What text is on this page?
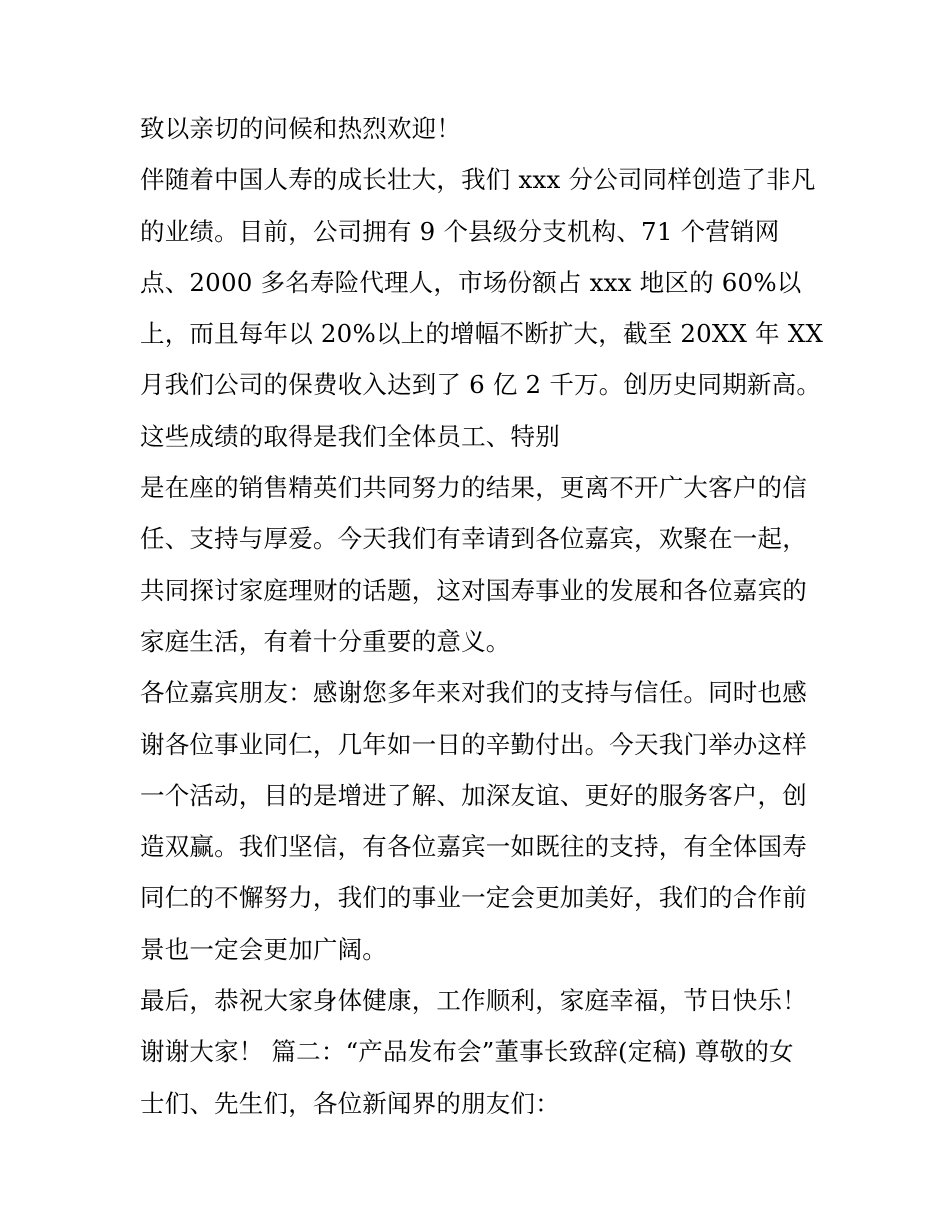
致以亲切的问候和热烈欢迎！
伴随着中国人寿的成长壮大，我们 xxx 分公司同样创造了非凡
的业绩。目前，公司拥有 9 个县级分支机构、71 个营销网
点、2000 多名寿险代理人，市场份额占 xxx 地区的 60%以
上，而且每年以 20%以上的增幅不断扩大，截至 20XX 年 XX
月我们公司的保费收入达到了 6 亿 2 千万。创历史同期新高。
这些成绩的取得是我们全体员工、特别
是在座的销售精英们共同努力的结果，更离不开广大客户的信
任、支持与厚爱。今天我们有幸请到各位嘉宾，欢聚在一起，
共同探讨家庭理财的话题，这对国寿事业的发展和各位嘉宾的
家庭生活，有着十分重要的意义。
各位嘉宾朋友：感谢您多年来对我们的支持与信任。同时也感
谢各位事业同仁，几年如一日的辛勤付出。今天我门举办这样
一个活动，目的是增进了解、加深友谊、更好的服务客户，创
造双赢。我们坚信，有各位嘉宾一如既往的支持，有全体国寿
同仁的不懈努力，我们的事业一定会更加美好，我们的合作前
景也一定会更加广阔。
最后，恭祝大家身体健康，工作顺利，家庭幸福，节日快乐！
谢谢大家！ 篇二：“产品发布会”董事长致辞(定稿) 尊敬的女
士们、先生们，各位新闻界的朋友们：
